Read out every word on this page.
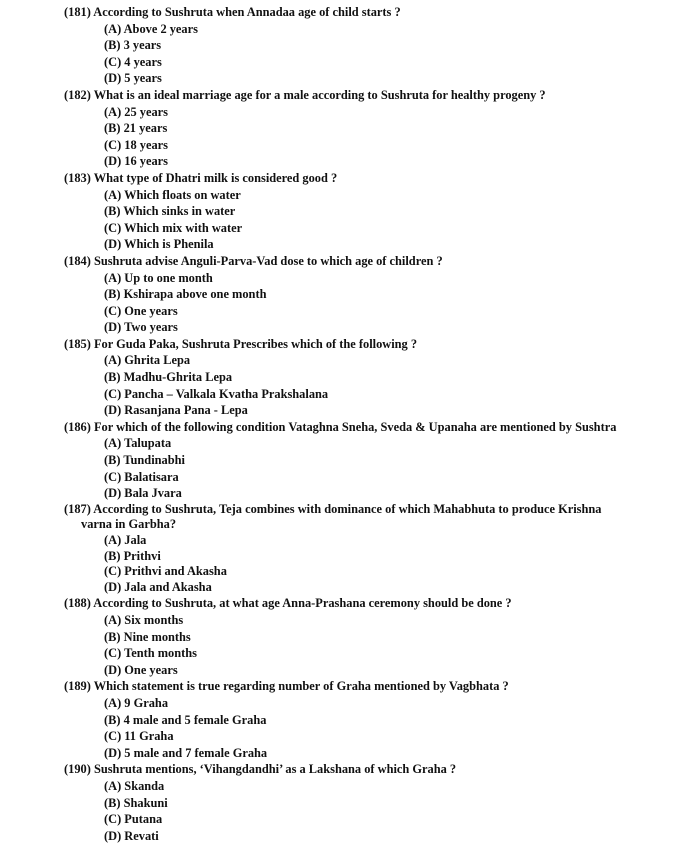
(181) According to Sushruta when Annadaa age of child starts ?
(A) Above 2 years
(B) 3 years
(C) 4 years
(D) 5 years
(182) What is an ideal marriage age for a male according to Sushruta for healthy progeny ?
(A) 25 years
(B) 21 years
(C) 18 years
(D) 16 years
(183) What type of Dhatri milk is considered good ?
(A) Which floats on water
(B) Which sinks in water
(C) Which mix with water
(D) Which is Phenila
(184) Sushruta advise Anguli-Parva-Vad dose to which age of children ?
(A) Up to one month
(B) Kshirapa above one month
(C) One years
(D) Two years
(185) For Guda Paka, Sushruta Prescribes which of the following ?
(A) Ghrita Lepa
(B) Madhu-Ghrita Lepa
(C) Pancha – Valkala Kvatha Prakshalana
(D) Rasanjana Pana - Lepa
(186) For which of the following condition Vataghna Sneha, Sveda & Upanaha are mentioned by Sushtra
(A) Talupata
(B) Tundinabhi
(C) Balatisara
(D) Bala Jvara
(187) According to Sushruta, Teja combines with dominance of which Mahabhuta to produce Krishna
varna in Garbha?
(A) Jala
(B) Prithvi
(C) Prithvi and Akasha
(D) Jala and Akasha
(188) According to Sushruta, at what age Anna-Prashana ceremony should be done ?
(A) Six months
(B) Nine months
(C) Tenth months
(D) One years
(189) Which statement is true regarding number of Graha mentioned by Vagbhata ?
(A) 9 Graha
(B) 4 male and 5 female Graha
(C) 11 Graha
(D) 5 male and 7 female Graha
(190) Sushruta mentions, ‘Vihangdandhi’ as a Lakshana of which Graha ?
(A) Skanda
(B) Shakuni
(C) Putana
(D) Revati
